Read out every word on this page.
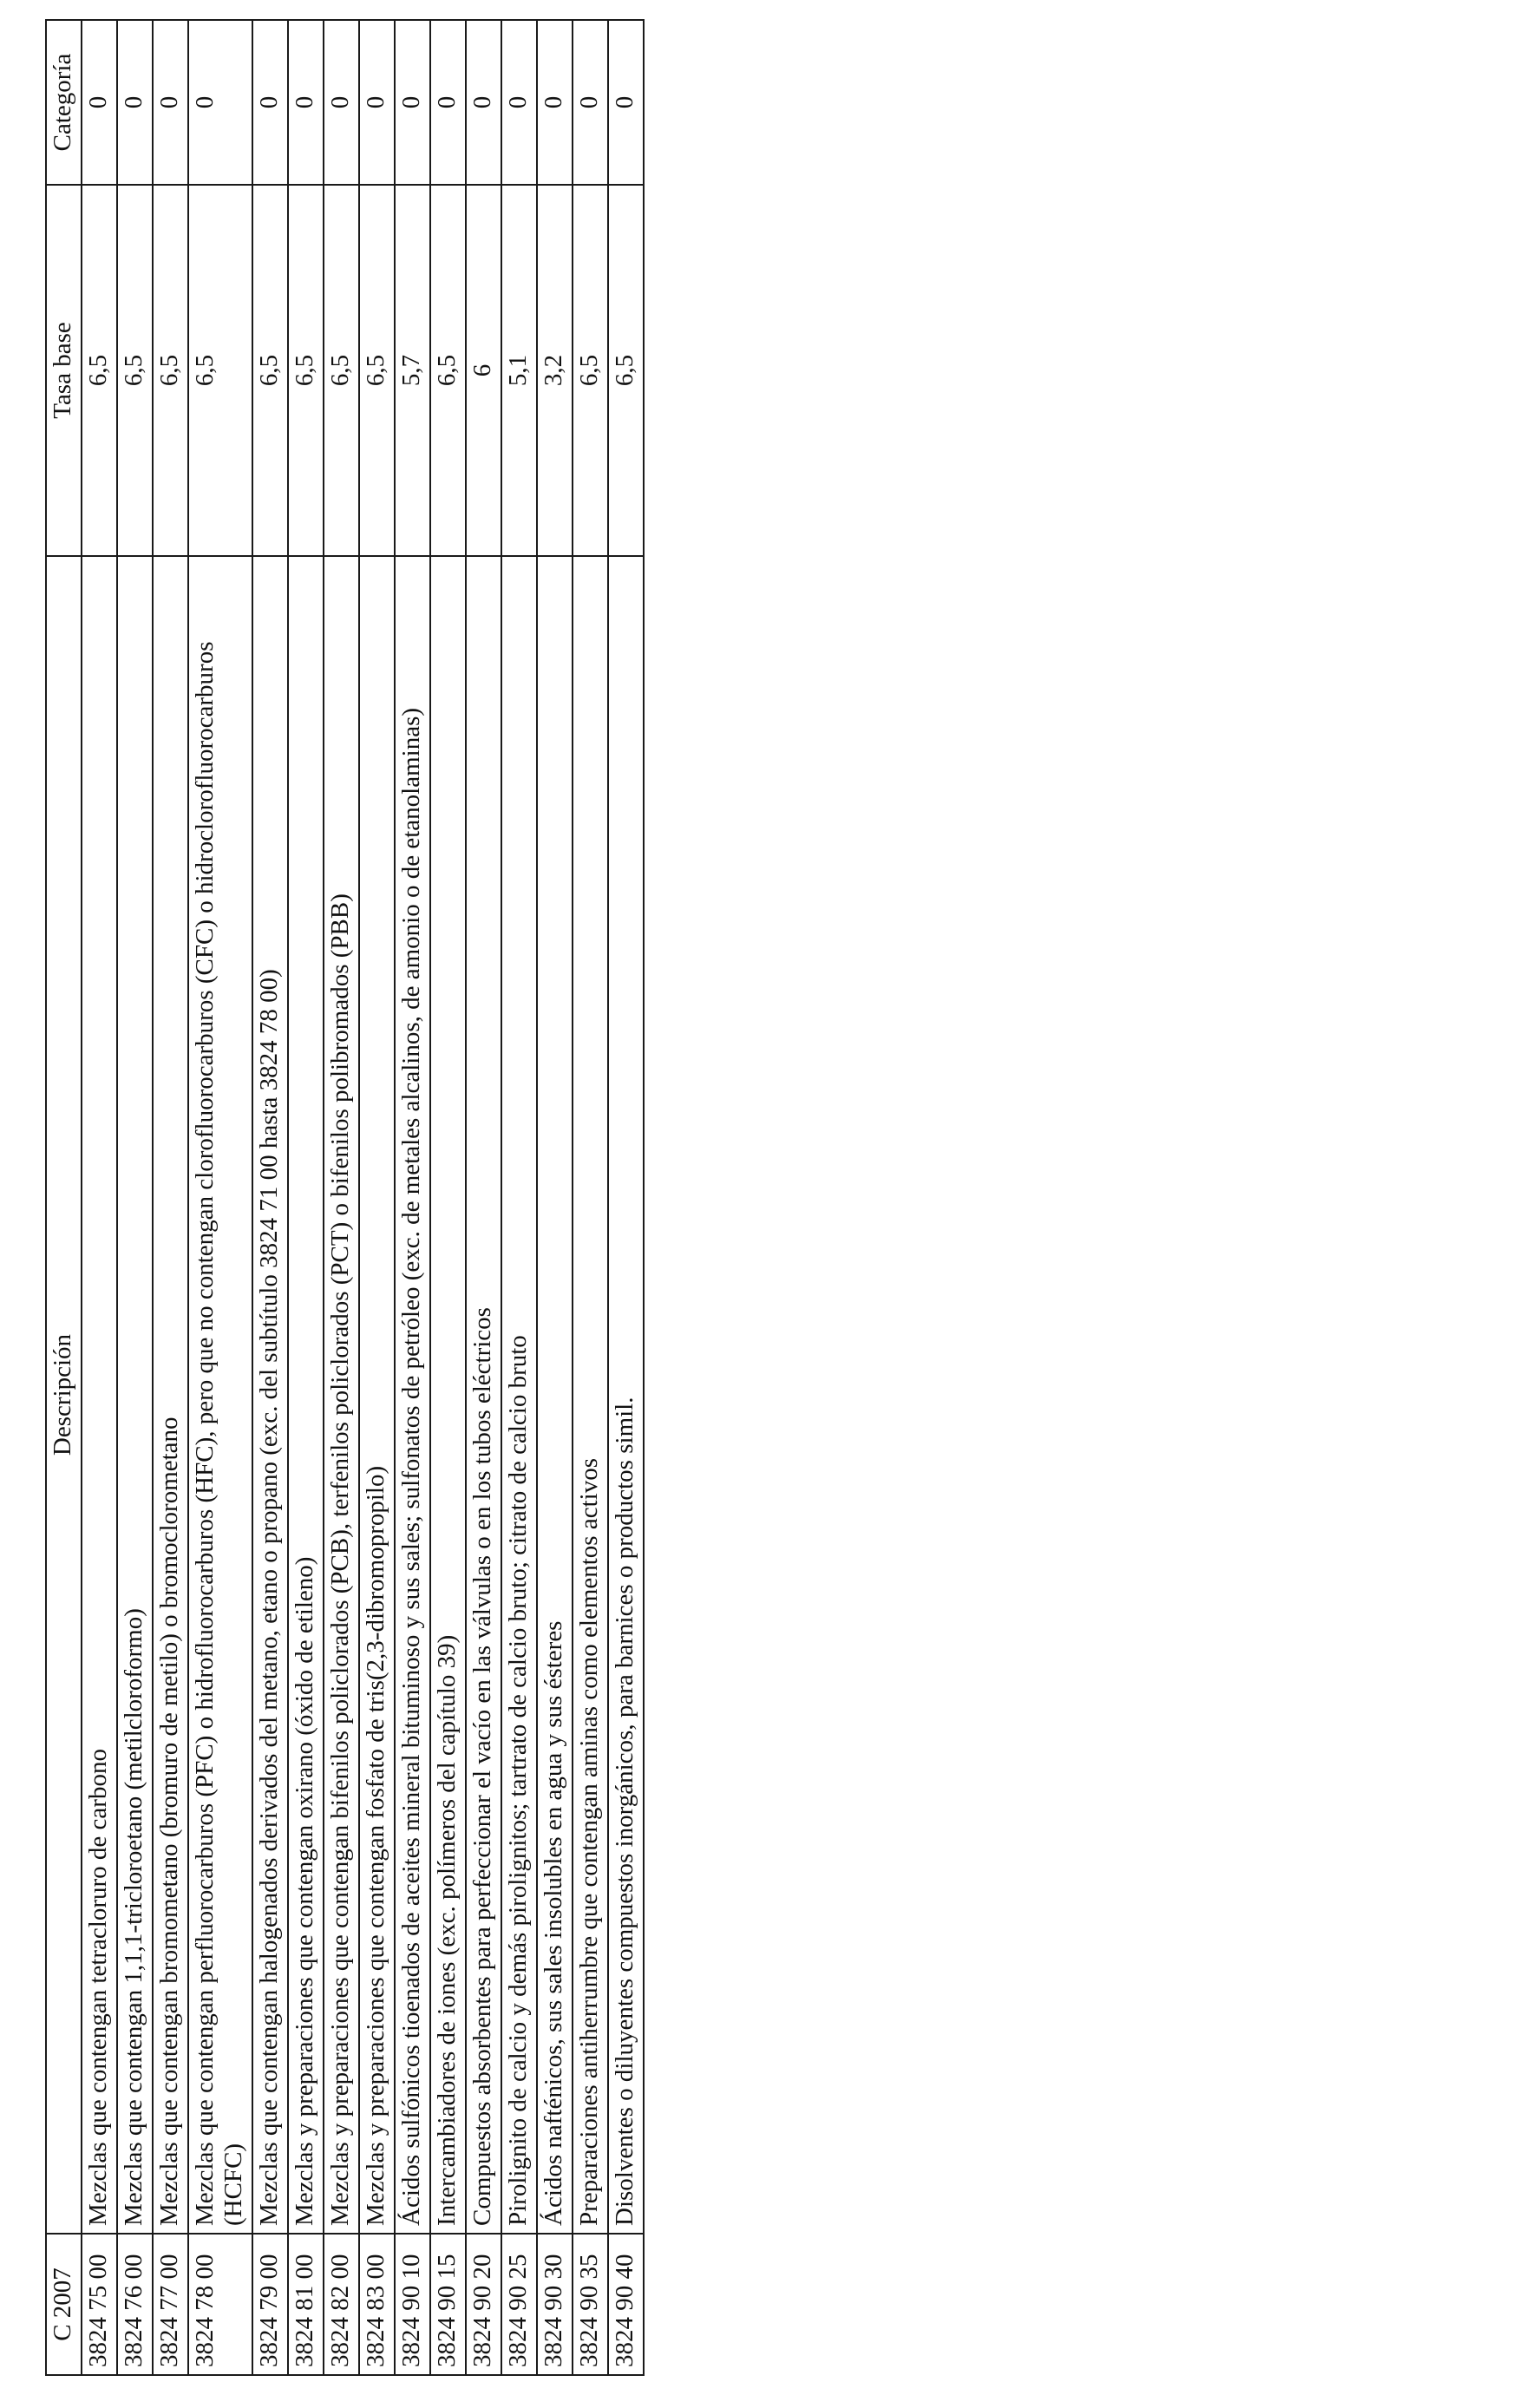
C 2007	Descripción	Tasa base	Categoría
3824 75 00	Mezclas que contengan tetracloruro de carbono	6,5	0
3824 76 00	Mezclas que contengan 1,1,1-tricloroetano (metilcloroformo)	6,5	0
3824 77 00	Mezclas que contengan bromometano (bromuro de metilo) o bromoclorometano	6,5	0
3824 78 00	Mezclas que contengan perfluorocarburos (PFC) o hidrofluorocarburos (HFC), pero que no contengan clorofluorocarburos (CFC) o hidroclorofluorocarburos (HCFC)	6,5	0
3824 79 00	Mezclas que contengan halogenados derivados del metano, etano o propano (exc. del subtítulo 3824 71 00 hasta 3824 78 00)	6,5	0
3824 81 00	Mezclas y preparaciones que contengan oxirano (óxido de etileno)	6,5	0
3824 82 00	Mezclas y preparaciones que contengan bifenilos policlorados (PCB), terfenilos policlorados (PCT) o bifenilos polibromados (PBB)	6,5	0
3824 83 00	Mezclas y preparaciones que contengan fosfato de tris(2,3-dibromopropilo)	6,5	0
3824 90 10	Ácidos sulfónicos tioenados de aceites mineral bituminoso y sus sales; sulfonatos de petróleo (exc. de metales alcalinos, de amonio o de etanolaminas)	5,7	0
3824 90 15	Intercambiadores de iones (exc. polímeros del capítulo 39)	6,5	0
3824 90 20	Compuestos absorbentes para perfeccionar el vacío en las válvulas o en los tubos eléctricos	6	0
3824 90 25	Pirolignito de calcio y demás pirolignitos; tartrato de calcio bruto; citrato de calcio bruto	5,1	0
3824 90 30	Ácidos nafténicos, sus sales insolubles en agua y sus ésteres	3,2	0
3824 90 35	Preparaciones antiherrumbre que contengan aminas como elementos activos	6,5	0
3824 90 40	Disolventes o diluyentes compuestos inorgánicos, para barnices o productos simil.	6,5	0
